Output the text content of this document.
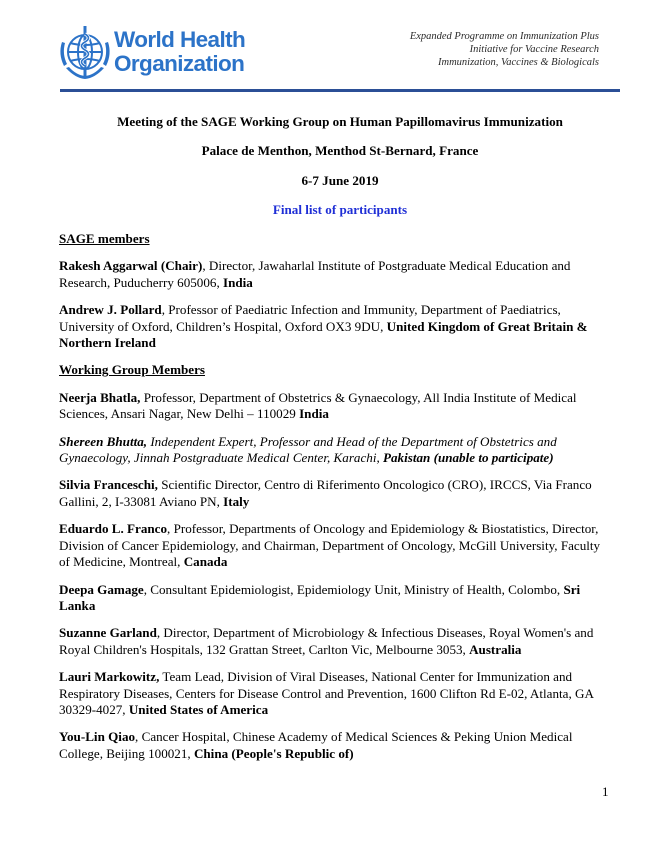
World Health
Organization
Expanded Programme on Immunization Plus
Initiative for Vaccine Research
Immunization, Vaccines & Biologicals
Meeting of the SAGE Working Group on Human Papillomavirus Immunization
Palace de Menthon, Menthod St-Bernard, France
6-7 June 2019
Final list of participants
SAGE members
Rakesh Aggarwal (Chair), Director, Jawaharlal Institute of Postgraduate Medical Education and Research, Puducherry 605006, India
Andrew J. Pollard, Professor of Paediatric Infection and Immunity, Department of Paediatrics, University of Oxford, Children’s Hospital, Oxford OX3 9DU, United Kingdom of Great Britain & Northern Ireland
Working Group Members
Neerja Bhatla, Professor, Department of Obstetrics & Gynaecology, All India Institute of Medical Sciences, Ansari Nagar, New Delhi – 110029 India
Shereen Bhutta, Independent Expert, Professor and Head of the Department of Obstetrics and Gynaecology, Jinnah Postgraduate Medical Center, Karachi, Pakistan (unable to participate)
Silvia Franceschi, Scientific Director, Centro di Riferimento Oncologico (CRO), IRCCS, Via Franco Gallini, 2, I-33081 Aviano PN, Italy
Eduardo L. Franco, Professor, Departments of Oncology and Epidemiology & Biostatistics, Director, Division of Cancer Epidemiology, and Chairman, Department of Oncology, McGill University, Faculty of Medicine, Montreal, Canada
Deepa Gamage, Consultant Epidemiologist, Epidemiology Unit, Ministry of Health, Colombo, Sri Lanka
Suzanne Garland, Director, Department of Microbiology & Infectious Diseases, Royal Women's and Royal Children's Hospitals, 132 Grattan Street, Carlton Vic, Melbourne 3053, Australia
Lauri Markowitz, Team Lead, Division of Viral Diseases, National Center for Immunization and Respiratory Diseases, Centers for Disease Control and Prevention, 1600 Clifton Rd E-02, Atlanta, GA 30329-4027, United States of America
You-Lin Qiao, Cancer Hospital, Chinese Academy of Medical Sciences & Peking Union Medical College, Beijing 100021, China (People's Republic of)
1
